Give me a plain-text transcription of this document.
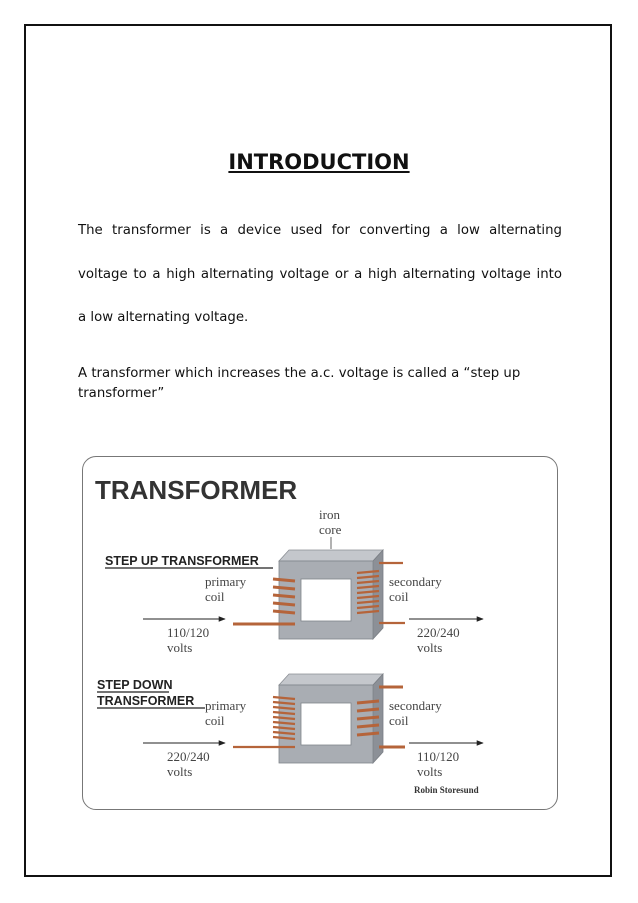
INTRODUCTION

The transformer is a device used for converting a low alternating

voltage to a high alternating voltage or a high alternating voltage into

a low alternating voltage.

A transformer which increases the a.c. voltage is called a “step up transformer”

TRANSFORMER
iron
core
STEP UP TRANSFORMER
primary
coil
secondary
coil
110/120
volts
220/240
volts
STEP DOWN
TRANSFORMER primary
coil
secondary
coil
220/240
volts
110/120
volts
Robin Storesund
